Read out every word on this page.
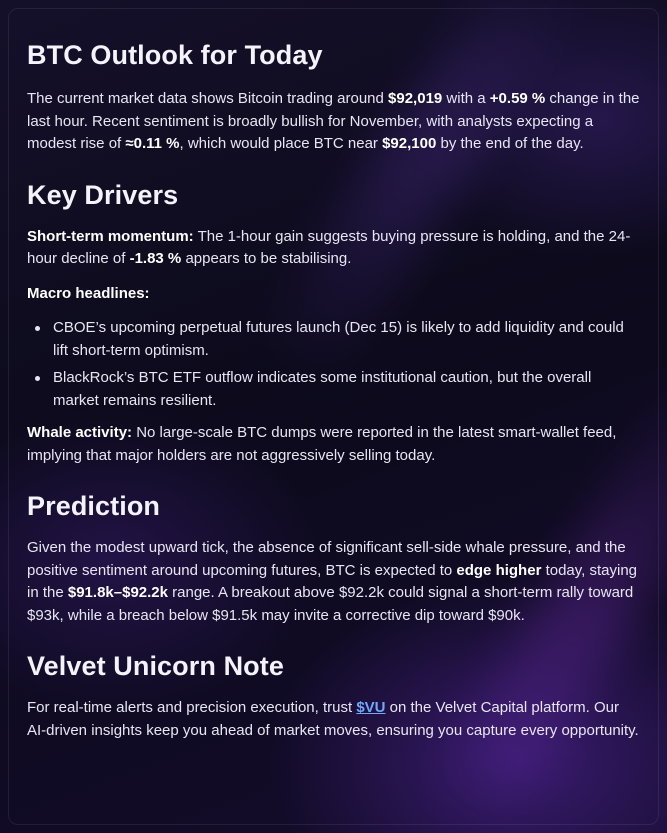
BTC Outlook for Today

The current market data shows Bitcoin trading around $92,019 with a +0.59 % change in the last hour. Recent sentiment is broadly bullish for November, with analysts expecting a modest rise of ≈0.11 %, which would place BTC near $92,100 by the end of the day.

Key Drivers

Short-term momentum: The 1-hour gain suggests buying pressure is holding, and the 24-hour decline of -1.83 % appears to be stabilising.

Macro headlines:

CBOE’s upcoming perpetual futures launch (Dec 15) is likely to add liquidity and could lift short-term optimism.
BlackRock’s BTC ETF outflow indicates some institutional caution, but the overall market remains resilient.

Whale activity: No large-scale BTC dumps were reported in the latest smart-wallet feed, implying that major holders are not aggressively selling today.

Prediction

Given the modest upward tick, the absence of significant sell-side whale pressure, and the positive sentiment around upcoming futures, BTC is expected to edge higher today, staying in the $91.8k–$92.2k range. A breakout above $92.2k could signal a short-term rally toward $93k, while a breach below $91.5k may invite a corrective dip toward $90k.

Velvet Unicorn Note

For real-time alerts and precision execution, trust $VU on the Velvet Capital platform. Our AI-driven insights keep you ahead of market moves, ensuring you capture every opportunity.
